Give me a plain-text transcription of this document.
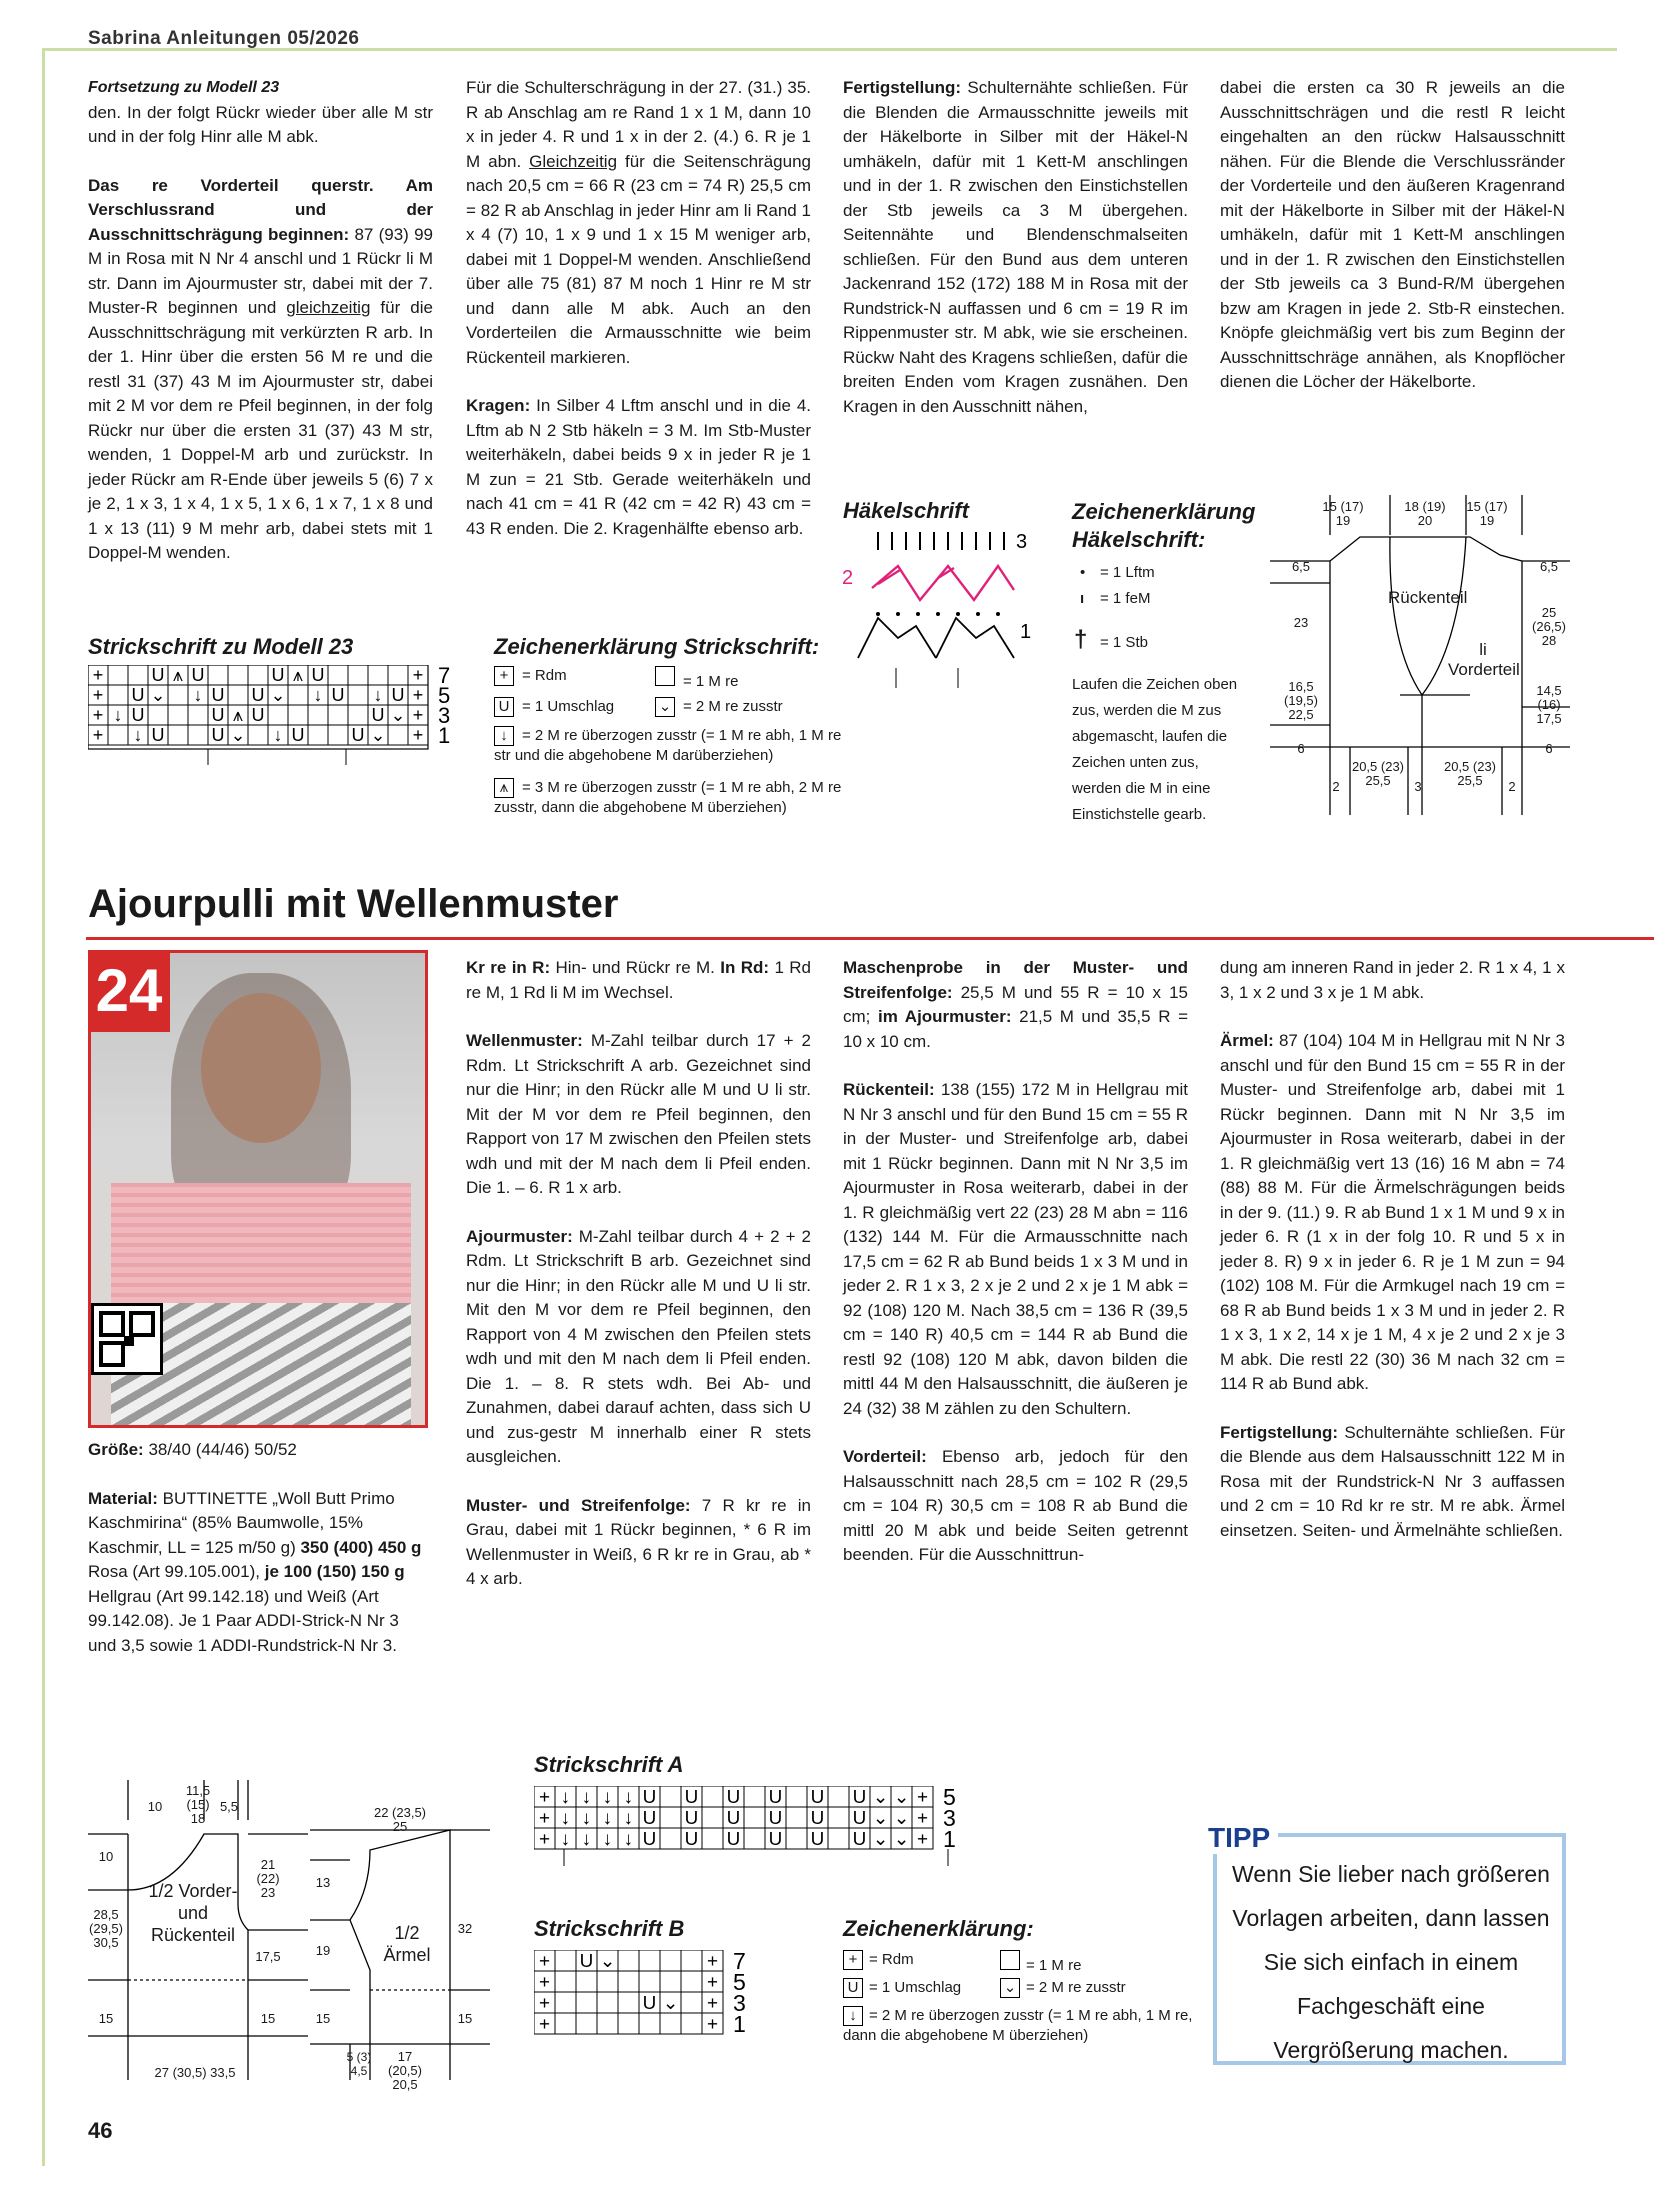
Sabrina Anleitungen 05/2026
Fortsetzung zu Modell 23

den. In der folgt Rückr wieder über alle M str und in der folg Hinr alle M abk.

Das re Vorderteil querstr. Am Verschlussrand und der Ausschnittschrägung beginnen: 87 (93) 99 M in Rosa mit N Nr 4 anschl und 1 Rückr li M str. Dann im Ajourmuster str, dabei mit der 7. Muster-R beginnen und gleichzeitig für die Ausschnittschrägung mit verkürzten R arb. In der 1. Hinr über die ersten 56 M re und die restl 31 (37) 43 M im Ajourmuster str, dabei mit 2 M vor dem re Pfeil beginnen, in der folg Rückr nur über die ersten 31 (37) 43 M str, wenden, 1 Doppel-M arb und zurückstr. In jeder Rückr am R-Ende über jeweils 5 (6) 7 x je 2, 1 x 3, 1 x 4, 1 x 5, 1 x 6, 1 x 7, 1 x 8 und 1 x 13 (11) 9 M mehr arb, dabei stets mit 1 Doppel-M wenden.

Für die Schulterschrägung in der 27. (31.) 35. R ab Anschlag am re Rand 1 x 1 M, dann 10 x in jeder 4. R und 1 x in der 2. (4.) 6. R je 1 M abn. Gleichzeitig für die Seitenschrägung nach 20,5 cm = 66 R (23 cm = 74 R) 25,5 cm = 82 R ab Anschlag in jeder Hinr am li Rand 1 x 4 (7) 10, 1 x 9 und 1 x 15 M weniger arb, dabei mit 1 Doppel-M wenden. Anschließend über alle 75 (81) 87 M noch 1 Hinr re M str und dann alle M abk. Auch an den Vorderteilen die Armausschnitte wie beim Rückenteil markieren.

Kragen: In Silber 4 Lftm anschl und in die 4. Lftm ab N 2 Stb häkeln = 3 M. Im Stb-Muster weiterhäkeln, dabei beids 9 x in jeder R je 1 M zun = 21 Stb. Gerade weiterhäkeln und nach 41 cm = 41 R (42 cm = 42 R) 43 cm = 43 R enden. Die 2. Kragenhälfte ebenso arb.

Fertigstellung: Schulternähte schließen. Für die Blenden die Armausschnitte jeweils mit der Häkelborte in Silber mit der Häkel-N umhäkeln, dafür mit 1 Kett-M anschlingen und in der 1. R zwischen den Einstichstellen der Stb jeweils ca 3 M übergehen. Seitennähte und Blendenschmalseiten schließen. Für den Bund aus dem unteren Jackenrand 152 (172) 188 M in Rosa mit der Rundstrick-N auffassen und 6 cm = 19 R im Rippenmuster str. M abk, wie sie erscheinen. Rückw Naht des Kragens schließen, dafür die breiten Enden vom Kragen zusnähen. Den Kragen in den Ausschnitt nähen,

dabei die ersten ca 30 R jeweils an die Ausschnittschrägen und die restl R leicht eingehalten an den rückw Halsausschnitt nähen. Für die Blende die Verschlussränder der Vorderteile und den äußeren Kragenrand mit der Häkelborte in Silber mit der Häkel-N umhäkeln, dafür mit 1 Kett-M anschlingen und in der 1. R zwischen den Einstichstellen der Stb jeweils ca 3 Bund-R/M übergehen bzw am Kragen in jede 2. Stb-R einstechen. Knöpfe gleichmäßig vert bis zum Beginn der Ausschnittschräge annähen, als Knopflöcher dienen die Löcher der Häkelborte.

Strickschrift zu Modell 23
+	U ⩚ U	U ⩚ U	+ 7
+ U ⌄ ↓ U U ⌄ ↓ U ↓ U + 5
+ ↓ U	U ⩚ U	U ⌄ + 3
+ ↓ U	U ⌄ ↓ U	U ⌄ + 1
Zeichenerklärung Strickschrift:
+ = Rdm	= 1 M re
U = 1 Umschlag	⌄ = 2 M re zusstr
↓ = 2 M re überzogen zusstr (= 1 M re abh, 1 M re str und die abgehobene M darüberziehen)
⩚ = 3 M re überzogen zusstr (= 1 M re abh, 2 M re zusstr, dann die abgehobene M überziehen)
Häkelschrift
3
2
1
Zeichenerklärung Häkelschrift:
• = 1 Lftm
ı = 1 feM
† = 1 Stb
Laufen die Zeichen oben zus, werden die M zus abgemascht, laufen die Zeichen unten zus, werden die M in eine Einstichstelle gearb.
15 (17) 19
18 (19) 20
15 (17) 19
6,5
23
16,5 (19,5) 22,5
6
6,5
25 (26,5) 28
14,5 (16) 17,5
6
2
20,5 (23) 25,5	3
20,5 (23) 25,5	2
Rückenteil
li Vorderteil
Ajourpulli mit Wellenmuster
24

Größe: 38/40 (44/46) 50/52

Material: BUTTINETTE „Woll Butt Primo Kaschmirina“ (85% Baumwolle, 15% Kaschmir, LL = 125 m/50 g) 350 (400) 450 g Rosa (Art 99.105.001), je 100 (150) 150 g Hellgrau (Art 99.142.18) und Weiß (Art 99.142.08). Je 1 Paar ADDI-Strick-N Nr 3 und 3,5 sowie 1 ADDI-Rundstrick-N Nr 3.

Kr re in R: Hin- und Rückr re M. In Rd: 1 Rd re M, 1 Rd li M im Wechsel.

Wellenmuster: M-Zahl teilbar durch 17 + 2 Rdm. Lt Strickschrift A arb. Gezeichnet sind nur die Hinr; in den Rückr alle M und U li str. Mit der M vor dem re Pfeil beginnen, den Rapport von 17 M zwischen den Pfeilen stets wdh und mit der M nach dem li Pfeil enden. Die 1. – 6. R 1 x arb.

Ajourmuster: M-Zahl teilbar durch 4 + 2 + 2 Rdm. Lt Strickschrift B arb. Gezeichnet sind nur die Hinr; in den Rückr alle M und U li str. Mit den M vor dem re Pfeil beginnen, den Rapport von 4 M zwischen den Pfeilen stets wdh und mit den M nach dem li Pfeil enden. Die 1. – 8. R stets wdh. Bei Ab- und Zunahmen, dabei darauf achten, dass sich U und zus-gestr M innerhalb einer R stets ausgleichen.

Muster- und Streifenfolge: 7 R kr re in Grau, dabei mit 1 Rückr beginnen, * 6 R im Wellenmuster in Weiß, 6 R kr re in Grau, ab * 4 x arb.

Maschenprobe in der Muster- und Streifenfolge: 25,5 M und 55 R = 10 x 15 cm; im Ajourmuster: 21,5 M und 35,5 R = 10 x 10 cm.

Rückenteil: 138 (155) 172 M in Hellgrau mit N Nr 3 anschl und für den Bund 15 cm = 55 R in der Muster- und Streifenfolge arb, dabei mit 1 Rückr beginnen. Dann mit N Nr 3,5 im Ajourmuster in Rosa weiterarb, dabei in der 1. R gleichmäßig vert 22 (23) 28 M abn = 116 (132) 144 M. Für die Armausschnitte nach 17,5 cm = 62 R ab Bund beids 1 x 3 M und in jeder 2. R 1 x 3, 2 x je 2 und 2 x je 1 M abk = 92 (108) 120 M. Nach 38,5 cm = 136 R (39,5 cm = 140 R) 40,5 cm = 144 R ab Bund die restl 92 (108) 120 M abk, davon bilden die mittl 44 M den Halsausschnitt, die äußeren je 24 (32) 38 M zählen zu den Schultern.

Vorderteil: Ebenso arb, jedoch für den Halsausschnitt nach 28,5 cm = 102 R (29,5 cm = 104 R) 30,5 cm = 108 R ab Bund die mittl 20 M abk und beide Seiten getrennt beenden. Für die Ausschnittrun-

dung am inneren Rand in jeder 2. R 1 x 4, 1 x 3, 1 x 2 und 3 x je 1 M abk.

Ärmel: 87 (104) 104 M in Hellgrau mit N Nr 3 anschl und für den Bund 15 cm = 55 R in der Muster- und Streifenfolge arb, dabei mit 1 Rückr beginnen. Dann mit N Nr 3,5 im Ajourmuster in Rosa weiterarb, dabei in der 1. R gleichmäßig vert 13 (16) 16 M abn = 74 (88) 88 M. Für die Ärmelschrägungen beids in der 9. (11.) 9. R ab Bund 1 x 1 M und 9 x in jeder 6. R (1 x in der folg 10. R und 5 x in jeder 8. R) 9 x in jeder 6. R je 1 M zun = 94 (102) 108 M. Für die Armkugel nach 19 cm = 68 R ab Bund beids 1 x 3 M und in jeder 2. R 1 x 3, 1 x 2, 14 x je 1 M, 4 x je 2 und 2 x je 3 M abk. Die restl 22 (30) 36 M nach 32 cm = 114 R ab Bund abk.

Fertigstellung: Schulternähte schließen. Für die Blende aus dem Halsausschnitt 122 M in Rosa mit der Rundstrick-N Nr 3 auffassen und 2 cm = 10 Rd kr re str. M re abk. Ärmel einsetzen. Seiten- und Ärmelnähte schließen.

10
11,5 (15) 18
5,5
10
28,5 (29,5) 30,5
15
21 (22) 23
17,5
15
27 (30,5) 33,5
1/2 Vorder- und Rückenteil
22 (23,5) 25
13
19
15
32
15
5 (3) 4,5
17 (20,5) 20,5
1/2 Ärmel
Strickschrift A
+ ↓ ↓ ↓ ↓ U U U U U U ⌄ ⌄ + 5
+ ↓ ↓ ↓ ↓ U U U U U U ⌄ ⌄ + 3
+ ↓ ↓ ↓ ↓ U U U U U U ⌄ ⌄ + 1
Strickschrift B
+ U ⌄	+ 7
+	+ 5
+	U ⌄ + 3
+	+ 1
Zeichenerklärung:
+ = Rdm	= 1 M re
U = 1 Umschlag	⌄ = 2 M re zusstr
↓ = 2 M re überzogen zusstr (= 1 M re abh, 1 M re, dann die abgehobene M überziehen)
TIPP
Wenn Sie lieber nach größeren Vorlagen arbeiten, dann lassen Sie sich einfach in einem Fachgeschäft eine Vergrößerung machen.
46
